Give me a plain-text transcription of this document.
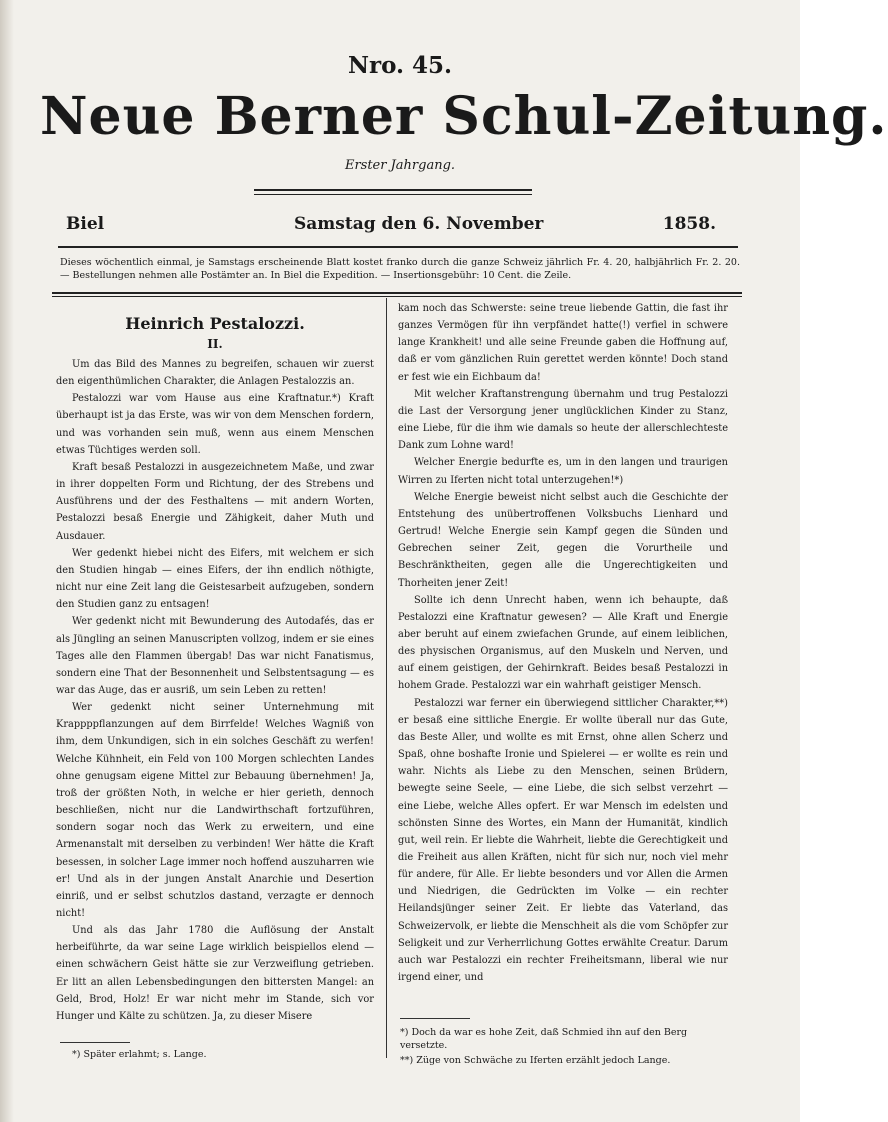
Nro. 45.
Neue Berner Schul-Zeitung.
Erster Jahrgang.
Biel	Samstag den 6. November	1858.
Dieses wöchentlich einmal, je Samstags erscheinende Blatt kostet franko durch die ganze Schweiz jährlich Fr. 4. 20, halbjährlich Fr. 2. 20. — Bestellungen nehmen alle Postämter an. In Biel die Expedition. — Insertionsgebühr: 10 Cent. die Zeile.
Heinrich Pestalozzi.
II.

Um das Bild des Mannes zu begreifen, schauen wir zuerst den eigenthümlichen Charakter, die Anlagen Pestalozzis an.

Pestalozzi war vom Hause aus eine Kraftnatur.*) Kraft überhaupt ist ja das Erste, was wir von dem Menschen fordern, und was vorhanden sein muß, wenn aus einem Menschen etwas Tüchtiges werden soll.

Kraft besaß Pestalozzi in ausgezeichnetem Maße, und zwar in ihrer doppelten Form und Richtung, der des Strebens und Ausführens und der des Festhaltens — mit andern Worten, Pestalozzi besaß Energie und Zähigkeit, daher Muth und Ausdauer.

Wer gedenkt hiebei nicht des Eifers, mit welchem er sich den Studien hingab — eines Eifers, der ihn endlich nöthigte, nicht nur eine Zeit lang die Geistesarbeit aufzugeben, sondern den Studien ganz zu entsagen!

Wer gedenkt nicht mit Bewunderung des Autodafés, das er als Jüngling an seinen Manuscripten vollzog, indem er sie eines Tages alle den Flammen übergab! Das war nicht Fanatismus, sondern eine That der Besonnenheit und Selbstentsagung — es war das Auge, das er ausriß, um sein Leben zu retten!

Wer gedenkt nicht seiner Unternehmung mit Krappppflanzungen auf dem Birrfelde! Welches Wagniß von ihm, dem Unkundigen, sich in ein solches Geschäft zu werfen! Welche Kühnheit, ein Feld von 100 Morgen schlechten Landes ohne genugsam eigene Mittel zur Bebauung übernehmen! Ja, troß der größten Noth, in welche er hier gerieth, dennoch beschließen, nicht nur die Landwirthschaft fortzuführen, sondern sogar noch das Werk zu erweitern, und eine Armenanstalt mit derselben zu verbinden! Wer hätte die Kraft besessen, in solcher Lage immer noch hoffend auszuharren wie er! Und als in der jungen Anstalt Anarchie und Desertion einriß, und er selbst schutzlos dastand, verzagte er dennoch nicht!

Und als das Jahr 1780 die Auflösung der Anstalt herbeiführte, da war seine Lage wirklich beispiellos elend — einen schwächern Geist hätte sie zur Verzweiflung getrieben. Er litt an allen Lebensbedingungen den bittersten Mangel: an Geld, Brod, Holz! Er war nicht mehr im Stande, sich vor Hunger und Kälte zu schützen. Ja, zu dieser Misere

kam noch das Schwerste: seine treue liebende Gattin, die fast ihr ganzes Vermögen für ihn verpfändet hatte(!) verfiel in schwere lange Krankheit! und alle seine Freunde gaben die Hoffnung auf, daß er vom gänzlichen Ruin gerettet werden könnte! Doch stand er fest wie ein Eichbaum da!

Mit welcher Kraftanstrengung übernahm und trug Pestalozzi die Last der Versorgung jener unglücklichen Kinder zu Stanz, eine Liebe, für die ihm wie damals so heute der allerschlechteste Dank zum Lohne ward!

Welcher Energie bedurfte es, um in den langen und traurigen Wirren zu Iferten nicht total unterzugehen!*)

Welche Energie beweist nicht selbst auch die Geschichte der Entstehung des unübertroffenen Volksbuchs Lienhard und Gertrud! Welche Energie sein Kampf gegen die Sünden und Gebrechen seiner Zeit, gegen die Vorurtheile und Beschränktheiten, gegen alle die Ungerechtigkeiten und Thorheiten jener Zeit!

Sollte ich denn Unrecht haben, wenn ich behaupte, daß Pestalozzi eine Kraftnatur gewesen? — Alle Kraft und Energie aber beruht auf einem zwiefachen Grunde, auf einem leiblichen, des physischen Organismus, auf den Muskeln und Nerven, und auf einem geistigen, der Gehirnkraft. Beides besaß Pestalozzi in hohem Grade. Pestalozzi war ein wahrhaft geistiger Mensch.

Pestalozzi war ferner ein überwiegend sittlicher Charakter,**) er besaß eine sittliche Energie. Er wollte überall nur das Gute, das Beste Aller, und wollte es mit Ernst, ohne allen Scherz und Spaß, ohne boshafte Ironie und Spielerei — er wollte es rein und wahr. Nichts als Liebe zu den Menschen, seinen Brüdern, bewegte seine Seele, — eine Liebe, die sich selbst verzehrt — eine Liebe, welche Alles opfert. Er war Mensch im edelsten und schönsten Sinne des Wortes, ein Mann der Humanität, kindlich gut, weil rein. Er liebte die Wahrheit, liebte die Gerechtigkeit und die Freiheit aus allen Kräften, nicht für sich nur, noch viel mehr für andere, für Alle. Er liebte besonders und vor Allen die Armen und Niedrigen, die Gedrückten im Volke — ein rechter Heilandsjünger seiner Zeit. Er liebte das Vaterland, das Schweizervolk, er liebte die Menschheit als die vom Schöpfer zur Seligkeit und zur Verherrlichung Gottes erwählte Creatur. Darum auch war Pestalozzi ein rechter Freiheitsmann, liberal wie nur irgend einer, und

*) Später erlahmt; s. Lange.
*) Doch da war es hohe Zeit, daß Schmied ihn auf den Berg versetzte.
**) Züge von Schwäche zu Iferten erzählt jedoch Lange.
